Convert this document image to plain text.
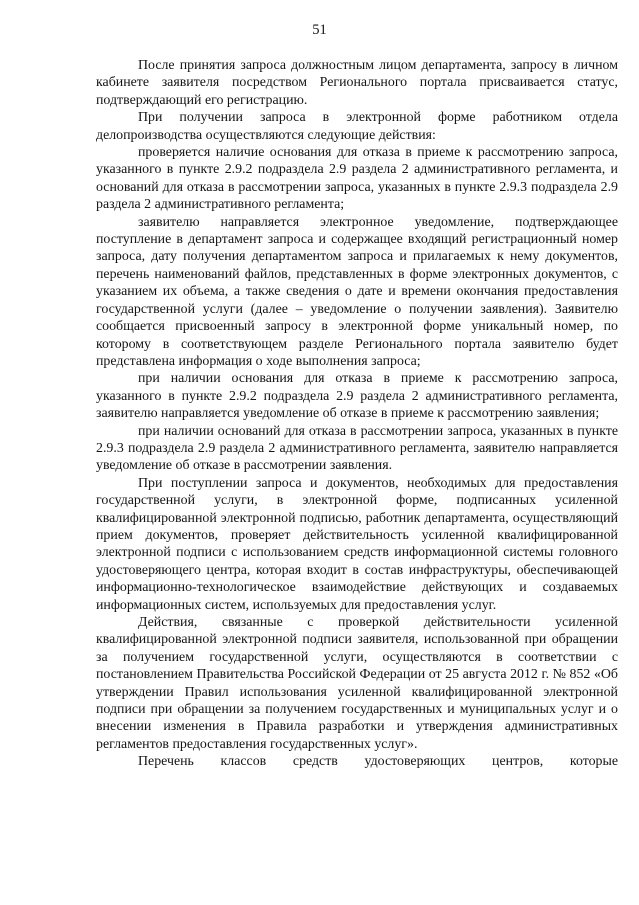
51

После принятия запроса должностным лицом департамента, запросу в личном кабинете заявителя посредством Регионального портала присваивается статус, подтверждающий его регистрацию.

При получении запроса в электронной форме работником отдела делопроизводства осуществляются следующие действия:

проверяется наличие основания для отказа в приеме к рассмотрению запроса, указанного в пункте 2.9.2 подраздела 2.9 раздела 2 административного регламента, и оснований для отказа в рассмотрении запроса, указанных в пункте 2.9.3 подраздела 2.9 раздела 2 административного регламента;

заявителю направляется электронное уведомление, подтверждающее поступление в департамент запроса и содержащее входящий регистрационный номер запроса, дату получения департаментом запроса и прилагаемых к нему документов, перечень наименований файлов, представленных в форме электронных документов, с указанием их объема, а также сведения о дате и времени окончания предоставления государственной услуги (далее – уведомление о получении заявления). Заявителю сообщается присвоенный запросу в электронной форме уникальный номер, по которому в соответствующем разделе Регионального портала заявителю будет представлена информация о ходе выполнения запроса;

при наличии основания для отказа в приеме к рассмотрению запроса, указанного в пункте 2.9.2 подраздела 2.9 раздела 2 административного регламента, заявителю направляется уведомление об отказе в приеме к рассмотрению заявления;

при наличии оснований для отказа в рассмотрении запроса, указанных в пункте 2.9.3 подраздела 2.9 раздела 2 административного регламента, заявителю направляется уведомление об отказе в рассмотрении заявления.

При поступлении запроса и документов, необходимых для предоставления государственной услуги, в электронной форме, подписанных усиленной квалифицированной электронной подписью, работник департамента, осуществляющий прием документов, проверяет действительность усиленной квалифицированной электронной подписи с использованием средств информационной системы головного удостоверяющего центра, которая входит в состав инфраструктуры, обеспечивающей информационно-технологическое взаимодействие действующих и создаваемых информационных систем, используемых для предоставления услуг.

Действия, связанные с проверкой действительности усиленной квалифицированной электронной подписи заявителя, использованной при обращении за получением государственной услуги, осуществляются в соответствии с постановлением Правительства Российской Федерации от 25 августа 2012 г. № 852 «Об утверждении Правил использования усиленной квалифицированной электронной подписи при обращении за получением государственных и муниципальных услуг и о внесении изменения в Правила разработки и утверждения административных регламентов предоставления государственных услуг».

Перечень классов средств удостоверяющих центров, которые
